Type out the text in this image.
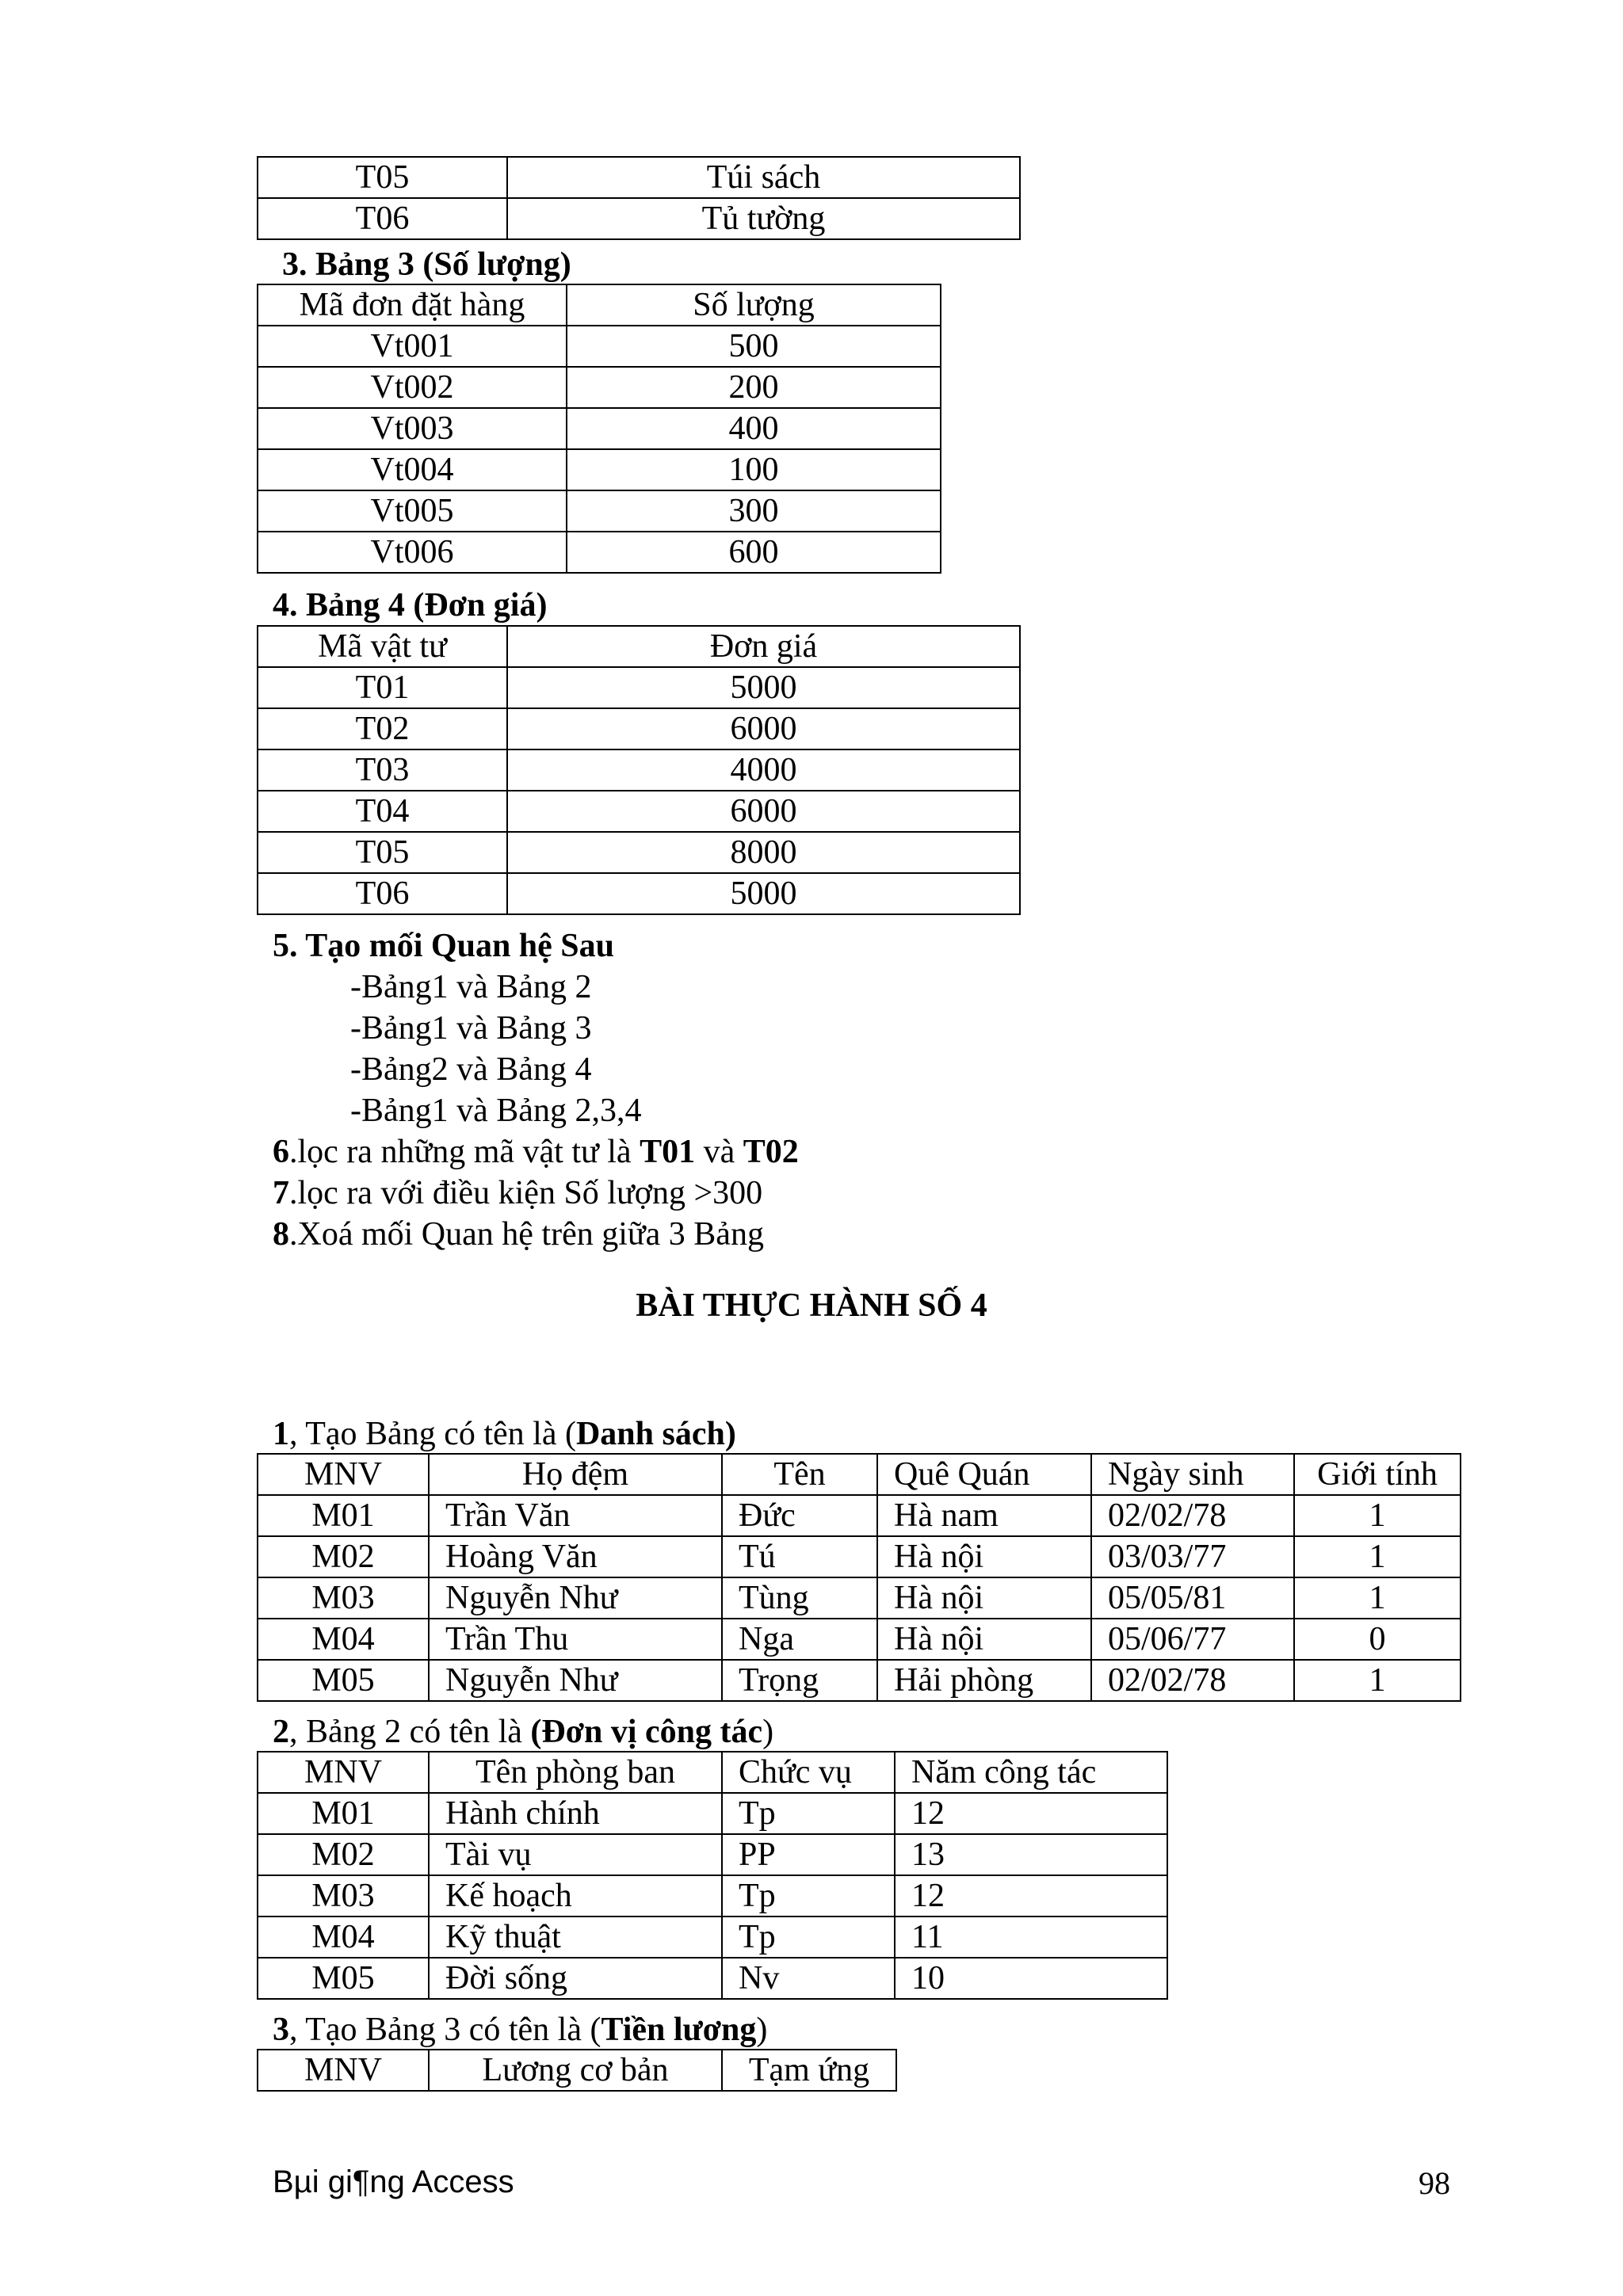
T05	Túi sách
T06	Tủ tường
3. Bảng 3 (Số lượng)
Mã đơn đặt hàng	Số lượng
Vt001	500
Vt002	200
Vt003	400
Vt004	100
Vt005	300
Vt006	600
4. Bảng 4 (Đơn giá)
Mã vật tư	Đơn giá
T01	5000
T02	6000
T03	4000
T04	6000
T05	8000
T06	5000
5. Tạo mối Quan hệ Sau
-Bảng1 và Bảng 2
-Bảng1 và Bảng 3
-Bảng2 và Bảng 4
-Bảng1 và Bảng 2,3,4
6.lọc ra những mã vật tư là T01 và T02
7.lọc ra với điều kiện Số lượng >300
8.Xoá mối Quan hệ trên giữa 3 Bảng
BÀI THỰC HÀNH SỐ 4
1, Tạo Bảng có tên là (Danh sách)
MNV	Họ đệm	Tên	Quê Quán	Ngày sinh	Giới tính
M01	Trần Văn	Đức	Hà nam	02/02/78	1
M02	Hoàng Văn	Tú	Hà nội	03/03/77	1
M03	Nguyễn Như	Tùng	Hà nội	05/05/81	1
M04	Trần Thu	Nga	Hà nội	05/06/77	0
M05	Nguyễn Như	Trọng	Hải phòng	02/02/78	1
2, Bảng 2 có tên là (Đơn vị công tác)
MNV	Tên phòng ban	Chức vụ	Năm công tác
M01	Hành chính	Tp	12
M02	Tài vụ	PP	13
M03	Kế hoạch	Tp	12
M04	Kỹ thuật	Tp	11
M05	Đời sống	Nv	10
3, Tạo Bảng 3 có tên là (Tiền lương)
MNV	Lương cơ bản	Tạm ứng
Bµi gi¶ng Access	98
